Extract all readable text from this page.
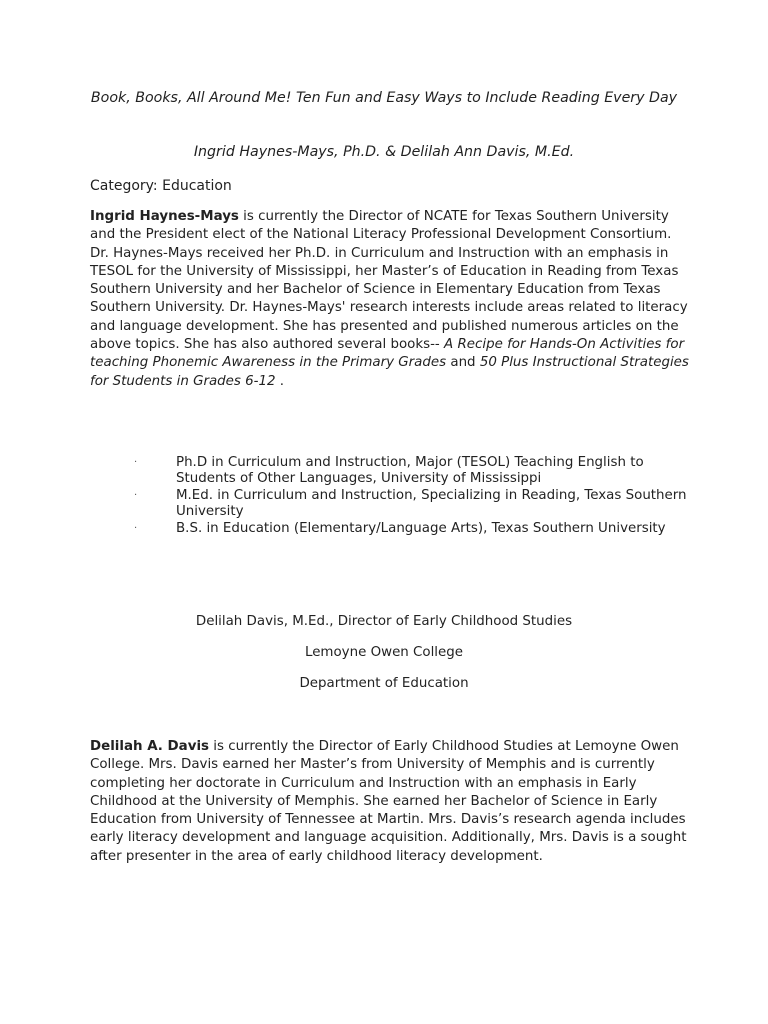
Book, Books, All Around Me! Ten Fun and Easy Ways to Include Reading Every Day
Ingrid Haynes-Mays, Ph.D. & Delilah Ann Davis, M.Ed.
Category: Education

Ingrid Haynes-Mays is currently the Director of NCATE for Texas Southern University and the President elect of the National Literacy Professional Development Consortium. Dr. Haynes-Mays received her Ph.D. in Curriculum and Instruction with an emphasis in TESOL for the University of Mississippi, her Master’s of Education in Reading from Texas Southern University and her Bachelor of Science in Elementary Education from Texas Southern University. Dr. Haynes-Mays' research interests include areas related to literacy and language development. She has presented and published numerous articles on the above topics. She has also authored several books-- A Recipe for Hands-On Activities for teaching Phonemic Awareness in the Primary Grades and 50 Plus Instructional Strategies for Students in Grades 6-12 .

·	Ph.D in Curriculum and Instruction, Major (TESOL) Teaching English to Students of Other Languages, University of Mississippi
·	M.Ed. in Curriculum and Instruction, Specializing in Reading, Texas Southern University
·	B.S. in Education (Elementary/Language Arts), Texas Southern University
Delilah Davis, M.Ed., Director of Early Childhood Studies
Lemoyne Owen College
Department of Education

Delilah A. Davis is currently the Director of Early Childhood Studies at Lemoyne Owen College. Mrs. Davis earned her Master’s from University of Memphis and is currently completing her doctorate in Curriculum and Instruction with an emphasis in Early Childhood at the University of Memphis. She earned her Bachelor of Science in Early Education from University of Tennessee at Martin. Mrs. Davis’s research agenda includes early literacy development and language acquisition. Additionally, Mrs. Davis is a sought after presenter in the area of early childhood literacy development.
